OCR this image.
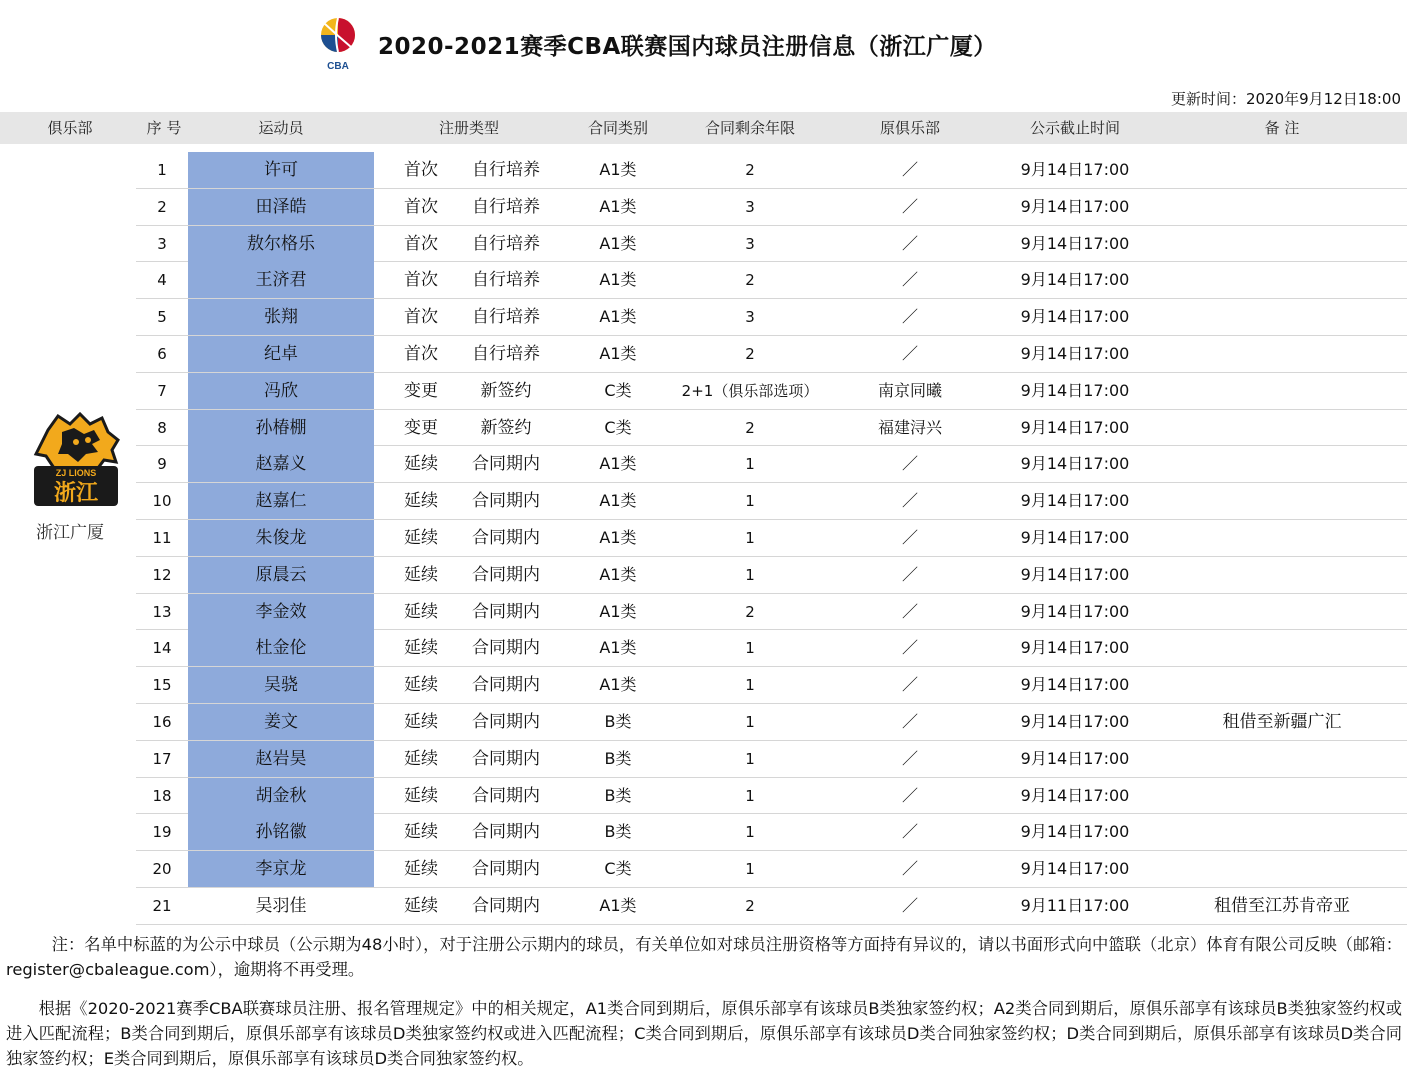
CBA
2020-2021赛季CBA联赛国内球员注册信息（浙江广厦）
更新时间：2020年9月12日18:00
俱乐部	序 号	运动员	注册类型	合同类别	合同剩余年限	原俱乐部	公示截止时间	备 注
ZJ LIONS
浙江
浙江广厦
1	许可	首次	自行培养	A1类	2	／	9月14日17:00
2	田泽皓	首次	自行培养	A1类	3	／	9月14日17:00
3	敖尔格乐	首次	自行培养	A1类	3	／	9月14日17:00
4	王济君	首次	自行培养	A1类	2	／	9月14日17:00
5	张翔	首次	自行培养	A1类	3	／	9月14日17:00
6	纪卓	首次	自行培养	A1类	2	／	9月14日17:00
7	冯欣	变更	新签约	C类	2+1（俱乐部选项）	南京同曦	9月14日17:00
8	孙椿棚	变更	新签约	C类	2	福建浔兴	9月14日17:00
9	赵嘉义	延续	合同期内	A1类	1	／	9月14日17:00
10	赵嘉仁	延续	合同期内	A1类	1	／	9月14日17:00
11	朱俊龙	延续	合同期内	A1类	1	／	9月14日17:00
12	原晨云	延续	合同期内	A1类	1	／	9月14日17:00
13	李金效	延续	合同期内	A1类	2	／	9月14日17:00
14	杜金伦	延续	合同期内	A1类	1	／	9月14日17:00
15	吴骁	延续	合同期内	A1类	1	／	9月14日17:00
16	姜文	延续	合同期内	B类	1	／	9月14日17:00	租借至新疆广汇
17	赵岩昊	延续	合同期内	B类	1	／	9月14日17:00
18	胡金秋	延续	合同期内	B类	1	／	9月14日17:00
19	孙铭徽	延续	合同期内	B类	1	／	9月14日17:00
20	李京龙	延续	合同期内	C类	1	／	9月14日17:00
21	吴羽佳	延续	合同期内	A1类	2	／	9月11日17:00	租借至江苏肯帝亚

注：名单中标蓝的为公示中球员（公示期为48小时），对于注册公示期内的球员，有关单位如对球员注册资格等方面持有异议的，请以书面形式向中篮联（北京）体育有限公司反映（邮箱：register@cbaleague.com），逾期将不再受理。

根据《2020-2021赛季CBA联赛球员注册、报名管理规定》中的相关规定，A1类合同到期后，原俱乐部享有该球员B类独家签约权；A2类合同到期后，原俱乐部享有该球员B类独家签约权或进入匹配流程；B类合同到期后，原俱乐部享有该球员D类独家签约权或进入匹配流程；C类合同到期后，原俱乐部享有该球员D类合同独家签约权；D类合同到期后，原俱乐部享有该球员D类合同独家签约权；E类合同到期后，原俱乐部享有该球员D类合同独家签约权。
